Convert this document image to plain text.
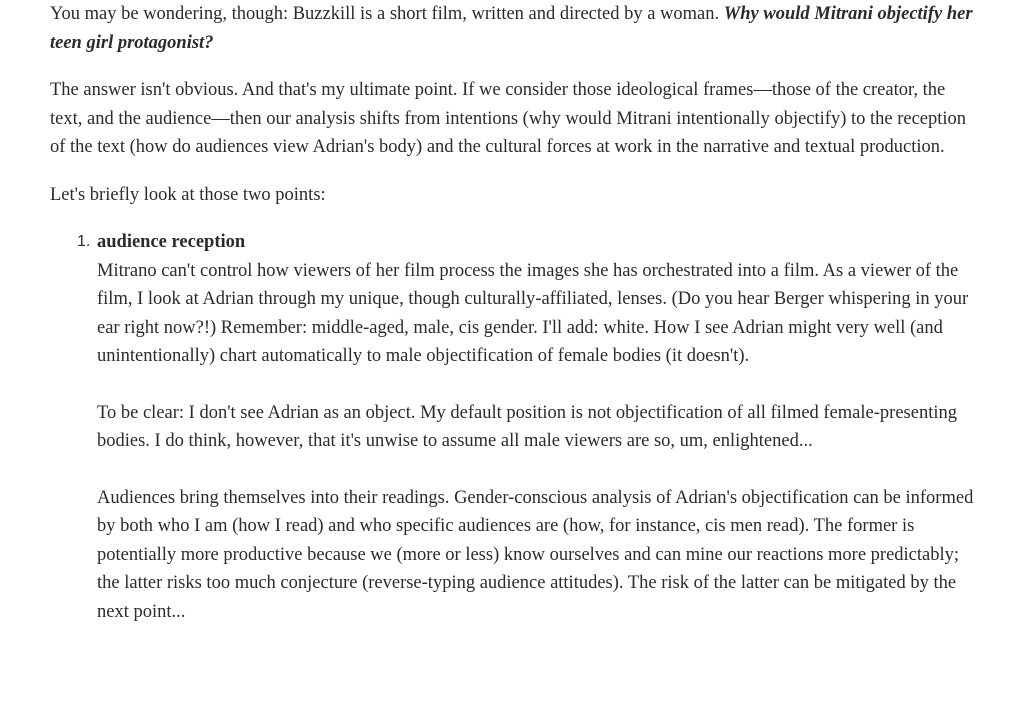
You may be wondering, though: Buzzkill is a short film, written and directed by a woman. Why would Mitrani objectify her teen girl protagonist?

The answer isn't obvious. And that's my ultimate point. If we consider those ideological frames—those of the creator, the text, and the audience—then our analysis shifts from intentions (why would Mitrani intentionally objectify) to the reception of the text (how do audiences view Adrian's body) and the cultural forces at work in the narrative and textual production.

Let's briefly look at those two points:

1. audience reception

Mitrano can't control how viewers of her film process the images she has orchestrated into a film. As a viewer of the film, I look at Adrian through my unique, though culturally-affiliated, lenses. (Do you hear Berger whispering in your ear right now?!) Remember: middle-aged, male, cis gender. I'll add: white. How I see Adrian might very well (and unintentionally) chart automatically to male objectification of female bodies (it doesn't).

To be clear: I don't see Adrian as an object. My default position is not objectification of all filmed female-presenting bodies. I do think, however, that it's unwise to assume all male viewers are so, um, enlightened...

Audiences bring themselves into their readings. Gender-conscious analysis of Adrian's objectification can be informed by both who I am (how I read) and who specific audiences are (how, for instance, cis men read). The former is potentially more productive because we (more or less) know ourselves and can mine our reactions more predictably; the latter risks too much conjecture (reverse-typing audience attitudes). The risk of the latter can be mitigated by the next point...
